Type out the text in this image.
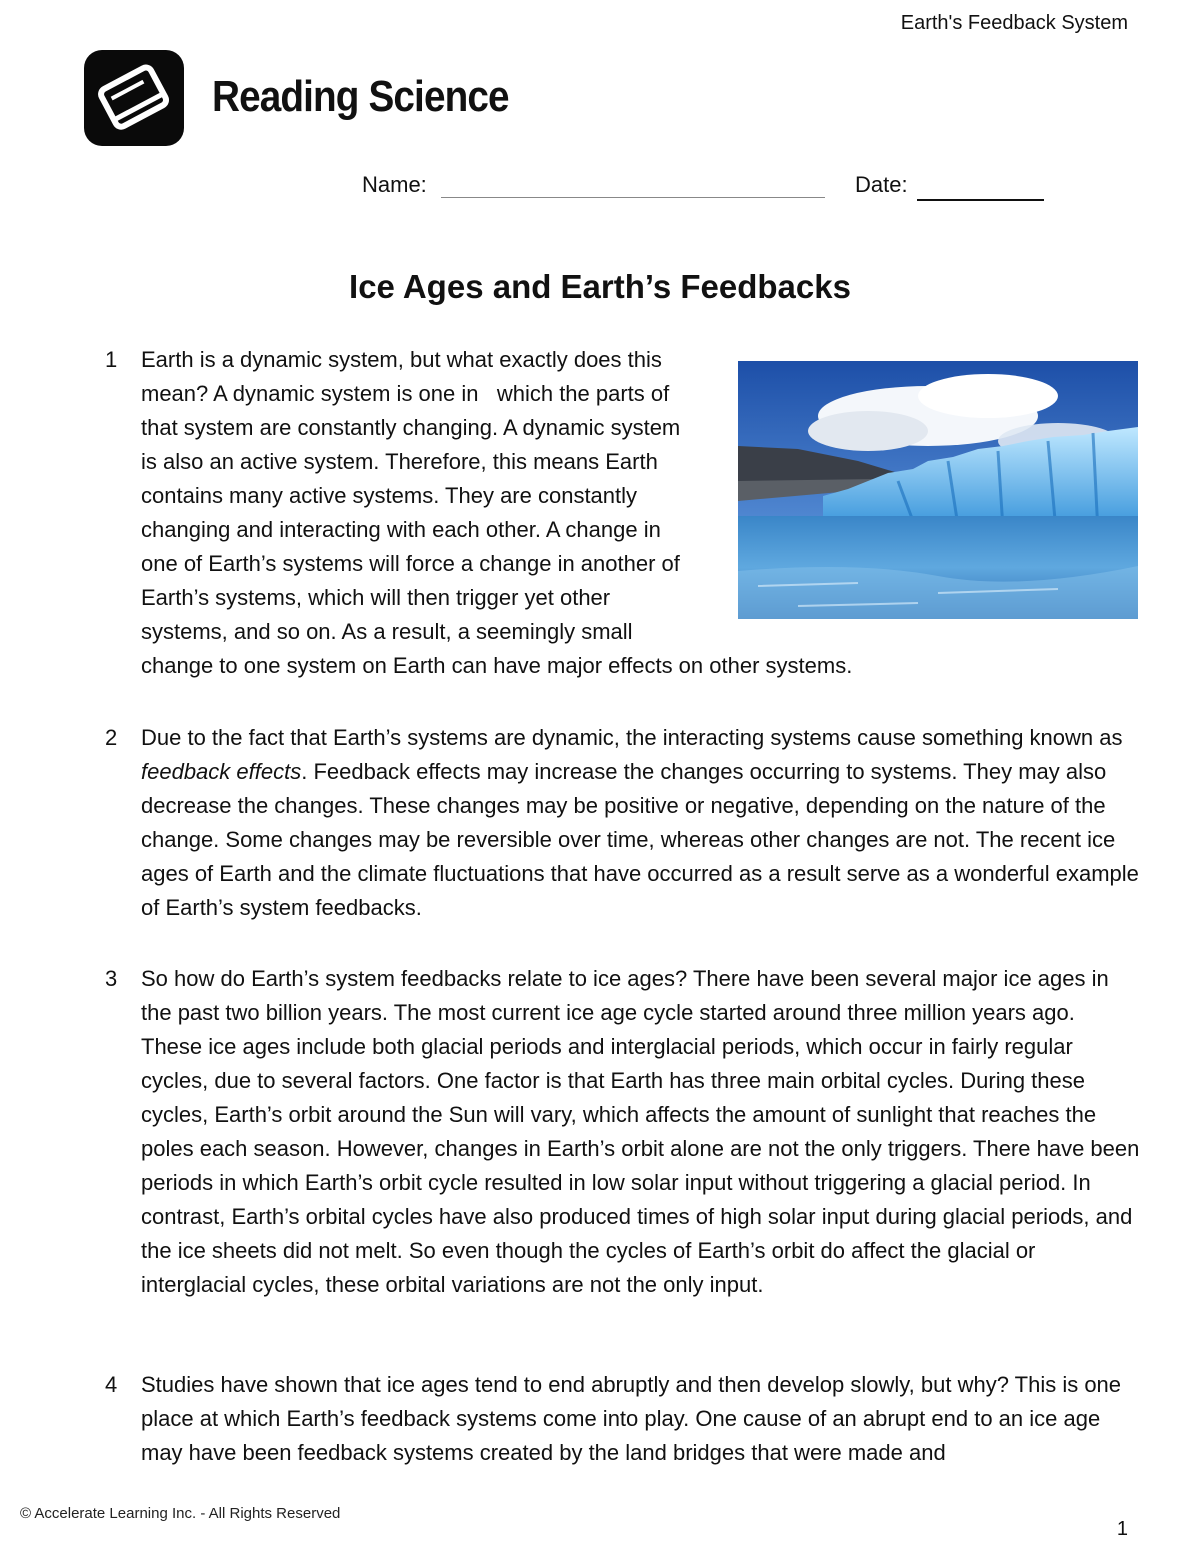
Earth's Feedback System
Reading Science
Name:	Date:
Ice Ages and Earth’s Feedbacks
1 Earth is a dynamic system, but what exactly does this
mean? A dynamic system is one in   which the parts of
that system are constantly changing. A dynamic system
is also an active system. Therefore, this means Earth
contains many active systems. They are constantly
changing and interacting with each other. A change in
one of Earth’s systems will force a change in another of
Earth’s systems, which will then trigger yet other
systems, and so on. As a result, a seemingly small
change to one system on Earth can have major effects on other systems.
2 Due to the fact that Earth’s systems are dynamic, the interacting systems cause something known as feedback effects. Feedback effects may increase the changes occurring to systems. They may also decrease the changes. These changes may be positive or negative, depending on the nature of the change. Some changes may be reversible over time, whereas other changes are not. The recent ice ages of Earth and the climate fluctuations that have occurred as a result serve as a wonderful example of Earth’s system feedbacks.
3 So how do Earth’s system feedbacks relate to ice ages? There have been several major ice ages in the past two billion years. The most current ice age cycle started around three million years ago. These ice ages include both glacial periods and interglacial periods, which occur in fairly regular cycles, due to several factors. One factor is that Earth has three main orbital cycles. During these cycles, Earth’s orbit around the Sun will vary, which affects the amount of sunlight that reaches the poles each season. However, changes in Earth’s orbit alone are not the only triggers. There have been periods in which Earth’s orbit cycle resulted in low solar input without triggering a glacial period. In contrast, Earth’s orbital cycles have also produced times of high solar input during glacial periods, and the ice sheets did not melt. So even though the cycles of Earth’s orbit do affect the glacial or interglacial cycles, these orbital variations are not the only input.
4 Studies have shown that ice ages tend to end abruptly and then develop slowly, but why? This is one place at which Earth’s feedback systems come into play. One cause of an abrupt end to an ice age may have been feedback systems created by the land bridges that were made and
© Accelerate Learning Inc. - All Rights Reserved
1
